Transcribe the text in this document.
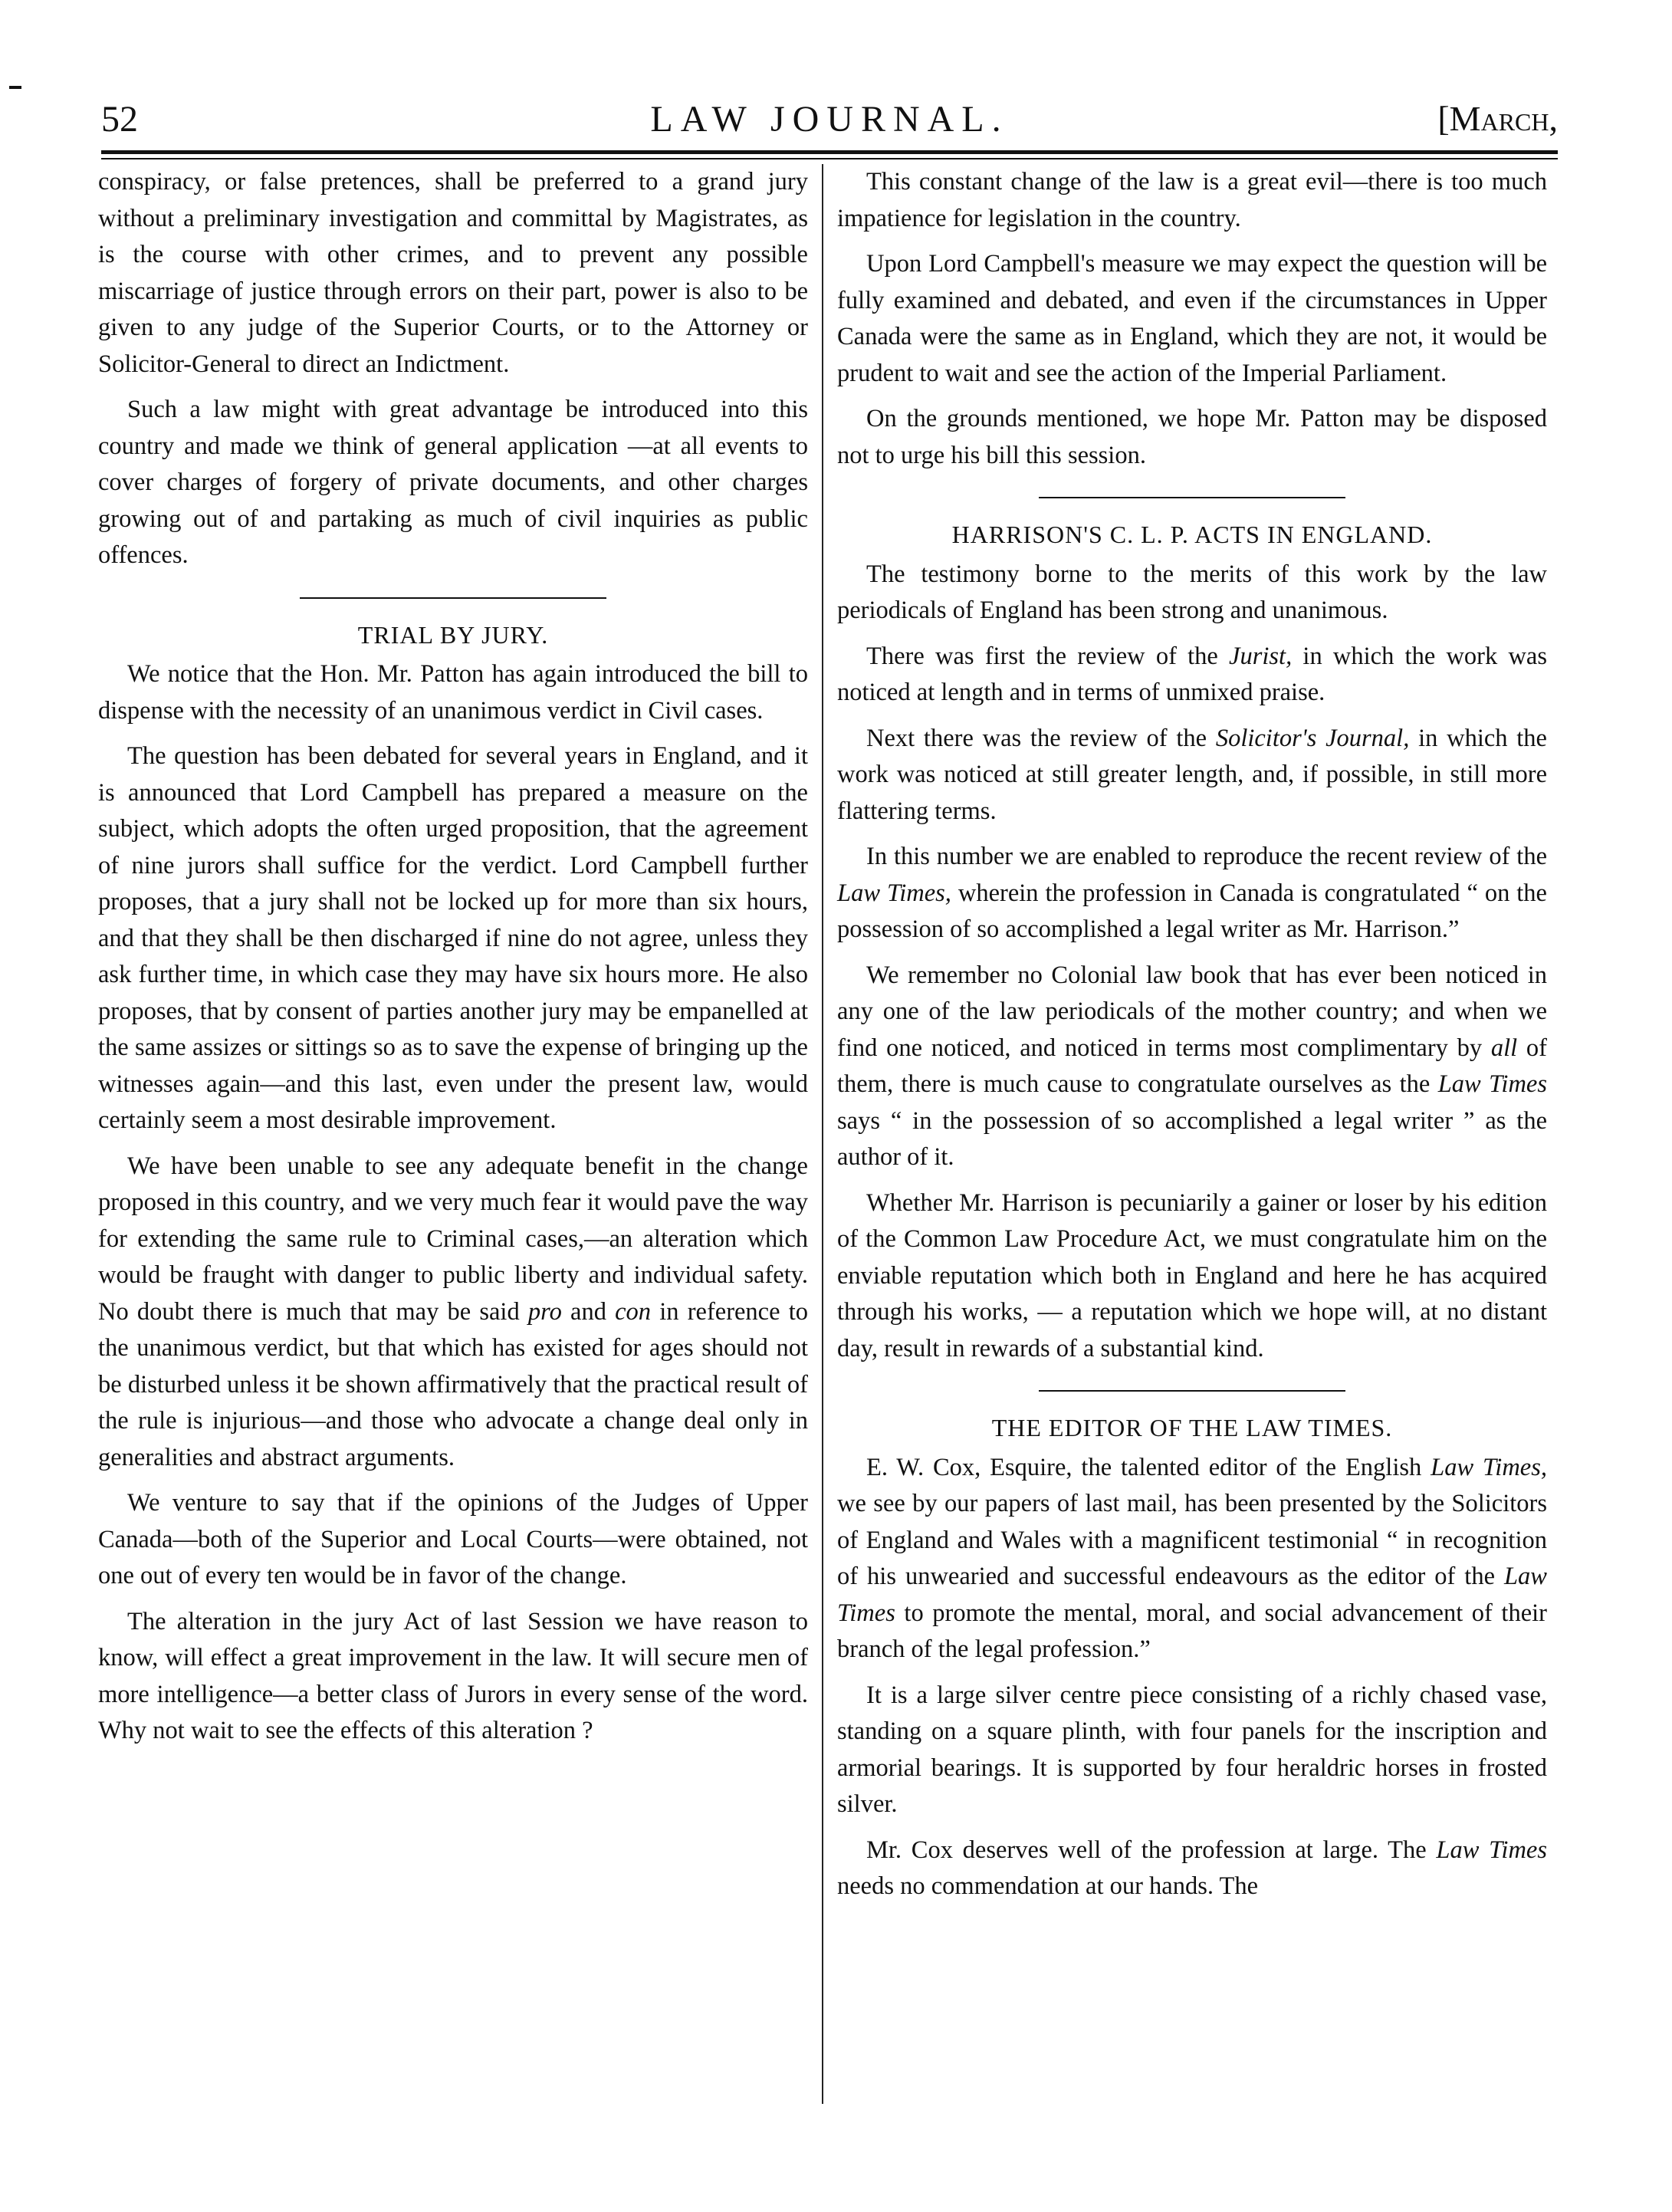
52	LAW JOURNAL.	[March,

conspiracy, or false pretences, shall be preferred to a grand jury without a preliminary investigation and committal by Magistrates, as is the course with other crimes, and to prevent any possible miscarriage of justice through errors on their part, power is also to be given to any judge of the Superior Courts, or to the Attorney or Solicitor-General to direct an Indictment.

Such a law might with great advantage be introduced into this country and made we think of general application —at all events to cover charges of forgery of private documents, and other charges growing out of and partaking as much of civil inquiries as public offences.

TRIAL BY JURY.

We notice that the Hon. Mr. Patton has again introduced the bill to dispense with the necessity of an unanimous verdict in Civil cases.

The question has been debated for several years in England, and it is announced that Lord Campbell has prepared a measure on the subject, which adopts the often urged proposition, that the agreement of nine jurors shall suffice for the verdict. Lord Campbell further proposes, that a jury shall not be locked up for more than six hours, and that they shall be then discharged if nine do not agree, unless they ask further time, in which case they may have six hours more. He also proposes, that by consent of parties another jury may be empanelled at the same assizes or sittings so as to save the expense of bringing up the witnesses again—and this last, even under the present law, would certainly seem a most desirable improvement.

We have been unable to see any adequate benefit in the change proposed in this country, and we very much fear it would pave the way for extending the same rule to Criminal cases,—an alteration which would be fraught with danger to public liberty and individual safety. No doubt there is much that may be said pro and con in reference to the unanimous verdict, but that which has existed for ages should not be disturbed unless it be shown affirmatively that the practical result of the rule is injurious—and those who advocate a change deal only in generalities and abstract arguments.

We venture to say that if the opinions of the Judges of Upper Canada—both of the Superior and Local Courts—were obtained, not one out of every ten would be in favor of the change.

The alteration in the jury Act of last Session we have reason to know, will effect a great improvement in the law. It will secure men of more intelligence—a better class of Jurors in every sense of the word. Why not wait to see the effects of this alteration ?

This constant change of the law is a great evil—there is too much impatience for legislation in the country.

Upon Lord Campbell's measure we may expect the question will be fully examined and debated, and even if the circumstances in Upper Canada were the same as in England, which they are not, it would be prudent to wait and see the action of the Imperial Parliament.

On the grounds mentioned, we hope Mr. Patton may be disposed not to urge his bill this session.

HARRISON'S C. L. P. ACTS IN ENGLAND.

The testimony borne to the merits of this work by the law periodicals of England has been strong and unanimous.

There was first the review of the Jurist, in which the work was noticed at length and in terms of unmixed praise.

Next there was the review of the Solicitor's Journal, in which the work was noticed at still greater length, and, if possible, in still more flattering terms.

In this number we are enabled to reproduce the recent review of the Law Times, wherein the profession in Canada is congratulated “ on the possession of so accomplished a legal writer as Mr. Harrison.”

We remember no Colonial law book that has ever been noticed in any one of the law periodicals of the mother country; and when we find one noticed, and noticed in terms most complimentary by all of them, there is much cause to congratulate ourselves as the Law Times says “ in the possession of so accomplished a legal writer ” as the author of it.

Whether Mr. Harrison is pecuniarily a gainer or loser by his edition of the Common Law Procedure Act, we must congratulate him on the enviable reputation which both in England and here he has acquired through his works, — a reputation which we hope will, at no distant day, result in rewards of a substantial kind.

THE EDITOR OF THE LAW TIMES.

E. W. Cox, Esquire, the talented editor of the English Law Times, we see by our papers of last mail, has been presented by the Solicitors of England and Wales with a magnificent testimonial “ in recognition of his unwearied and successful endeavours as the editor of the Law Times to promote the mental, moral, and social advancement of their branch of the legal profession.”

It is a large silver centre piece consisting of a richly chased vase, standing on a square plinth, with four panels for the inscription and armorial bearings. It is supported by four heraldric horses in frosted silver.

Mr. Cox deserves well of the profession at large. The Law Times needs no commendation at our hands. The
